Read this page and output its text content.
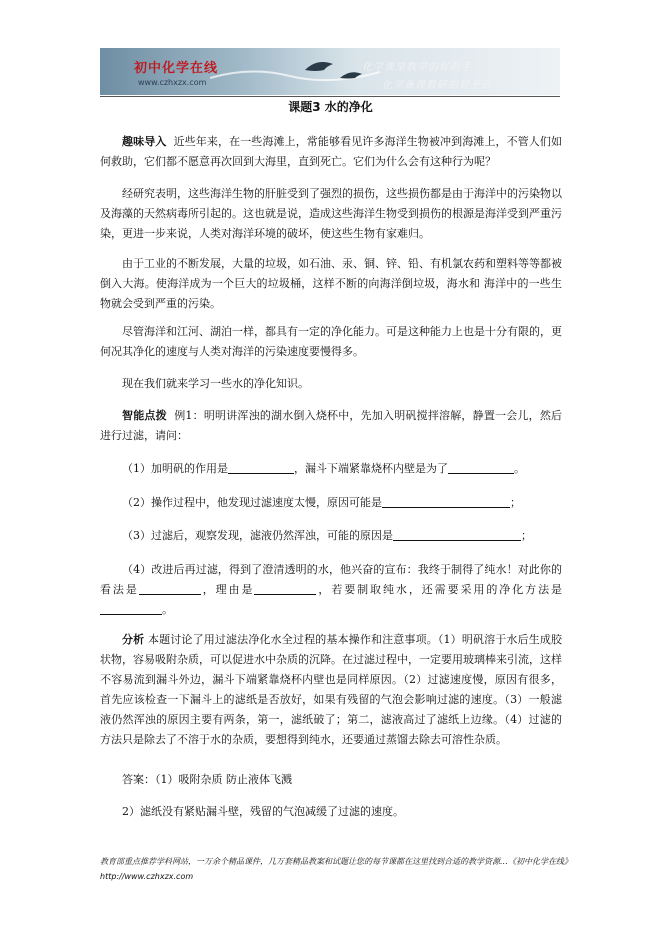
初中化学在线
www.czhxzx.com
化学课堂教学的好助手
化学备课教研的好平台
课题3 水的净化

趣味导入 近些年来，在一些海滩上，常能够看见许多海洋生物被冲到海滩上，不管人们如何救助，它们都不愿意再次回到大海里，直到死亡。它们为什么会有这种行为呢？

经研究表明，这些海洋生物的肝脏受到了强烈的损伤，这些损伤都是由于海洋中的污染物以及海藻的天然病毒所引起的。这也就是说，造成这些海洋生物受到损伤的根源是海洋受到严重污染，更进一步来说，人类对海洋环境的破坏，使这些生物有家难归。

由于工业的不断发展，大量的垃圾，如石油、汞、铜、锌、铅、有机氯农药和塑料等等都被倒入大海。使海洋成为一个巨大的垃圾桶，这样不断的向海洋倒垃圾，海水和 海洋中的一些生物就会受到严重的污染。

尽管海洋和江河、湖泊一样，都具有一定的净化能力。可是这种能力上也是十分有限的，更何况其净化的速度与人类对海洋的污染速度要慢得多。

现在我们就来学习一些水的净化知识。

智能点拨 例1：明明讲浑浊的湖水倒入烧杯中，先加入明矾搅拌溶解，静置一会儿，然后进行过滤，请问：

（1）加明矾的作用是	，漏斗下端紧靠烧杯内壁是为了	。

（2）操作过程中，他发现过滤速度太慢，原因可能是	；

（3）过滤后，观察发现，滤液仍然浑浊，可能的原因是	；

（4）改进后再过滤，得到了澄清透明的水，他兴奋的宣布：我终于制得了纯水！对此你的看法是	，理由是	，若要制取纯水，还需要采用的净化方法是。

分析 本题讨论了用过滤法净化水全过程的基本操作和注意事项。（1）明矾溶于水后生成胶状物，容易吸附杂质，可以促进水中杂质的沉降。在过滤过程中，一定要用玻璃棒来引流，这样不容易流到漏斗外边，漏斗下端紧靠烧杯内壁也是同样原因。（2）过滤速度慢，原因有很多，首先应该检查一下漏斗上的滤纸是否放好，如果有残留的气泡会影响过滤的速度。（3）一般滤液仍然浑浊的原因主要有两条，第一，滤纸破了；第二，滤液高过了滤纸上边缘。（4）过滤的方法只是除去了不溶于水的杂质，要想得到纯水，还要通过蒸馏去除去可溶性杂质。

答案：（1）吸附杂质 防止液体飞溅

2）滤纸没有紧贴漏斗壁，残留的气泡减缓了过滤的速度。

教育部重点推荐学科网站，一万余个精品课件，几万套精品教案和试题让您的每节课都在这里找到合适的教学资源…《初中化学在线》http://www.czhxzx.com
